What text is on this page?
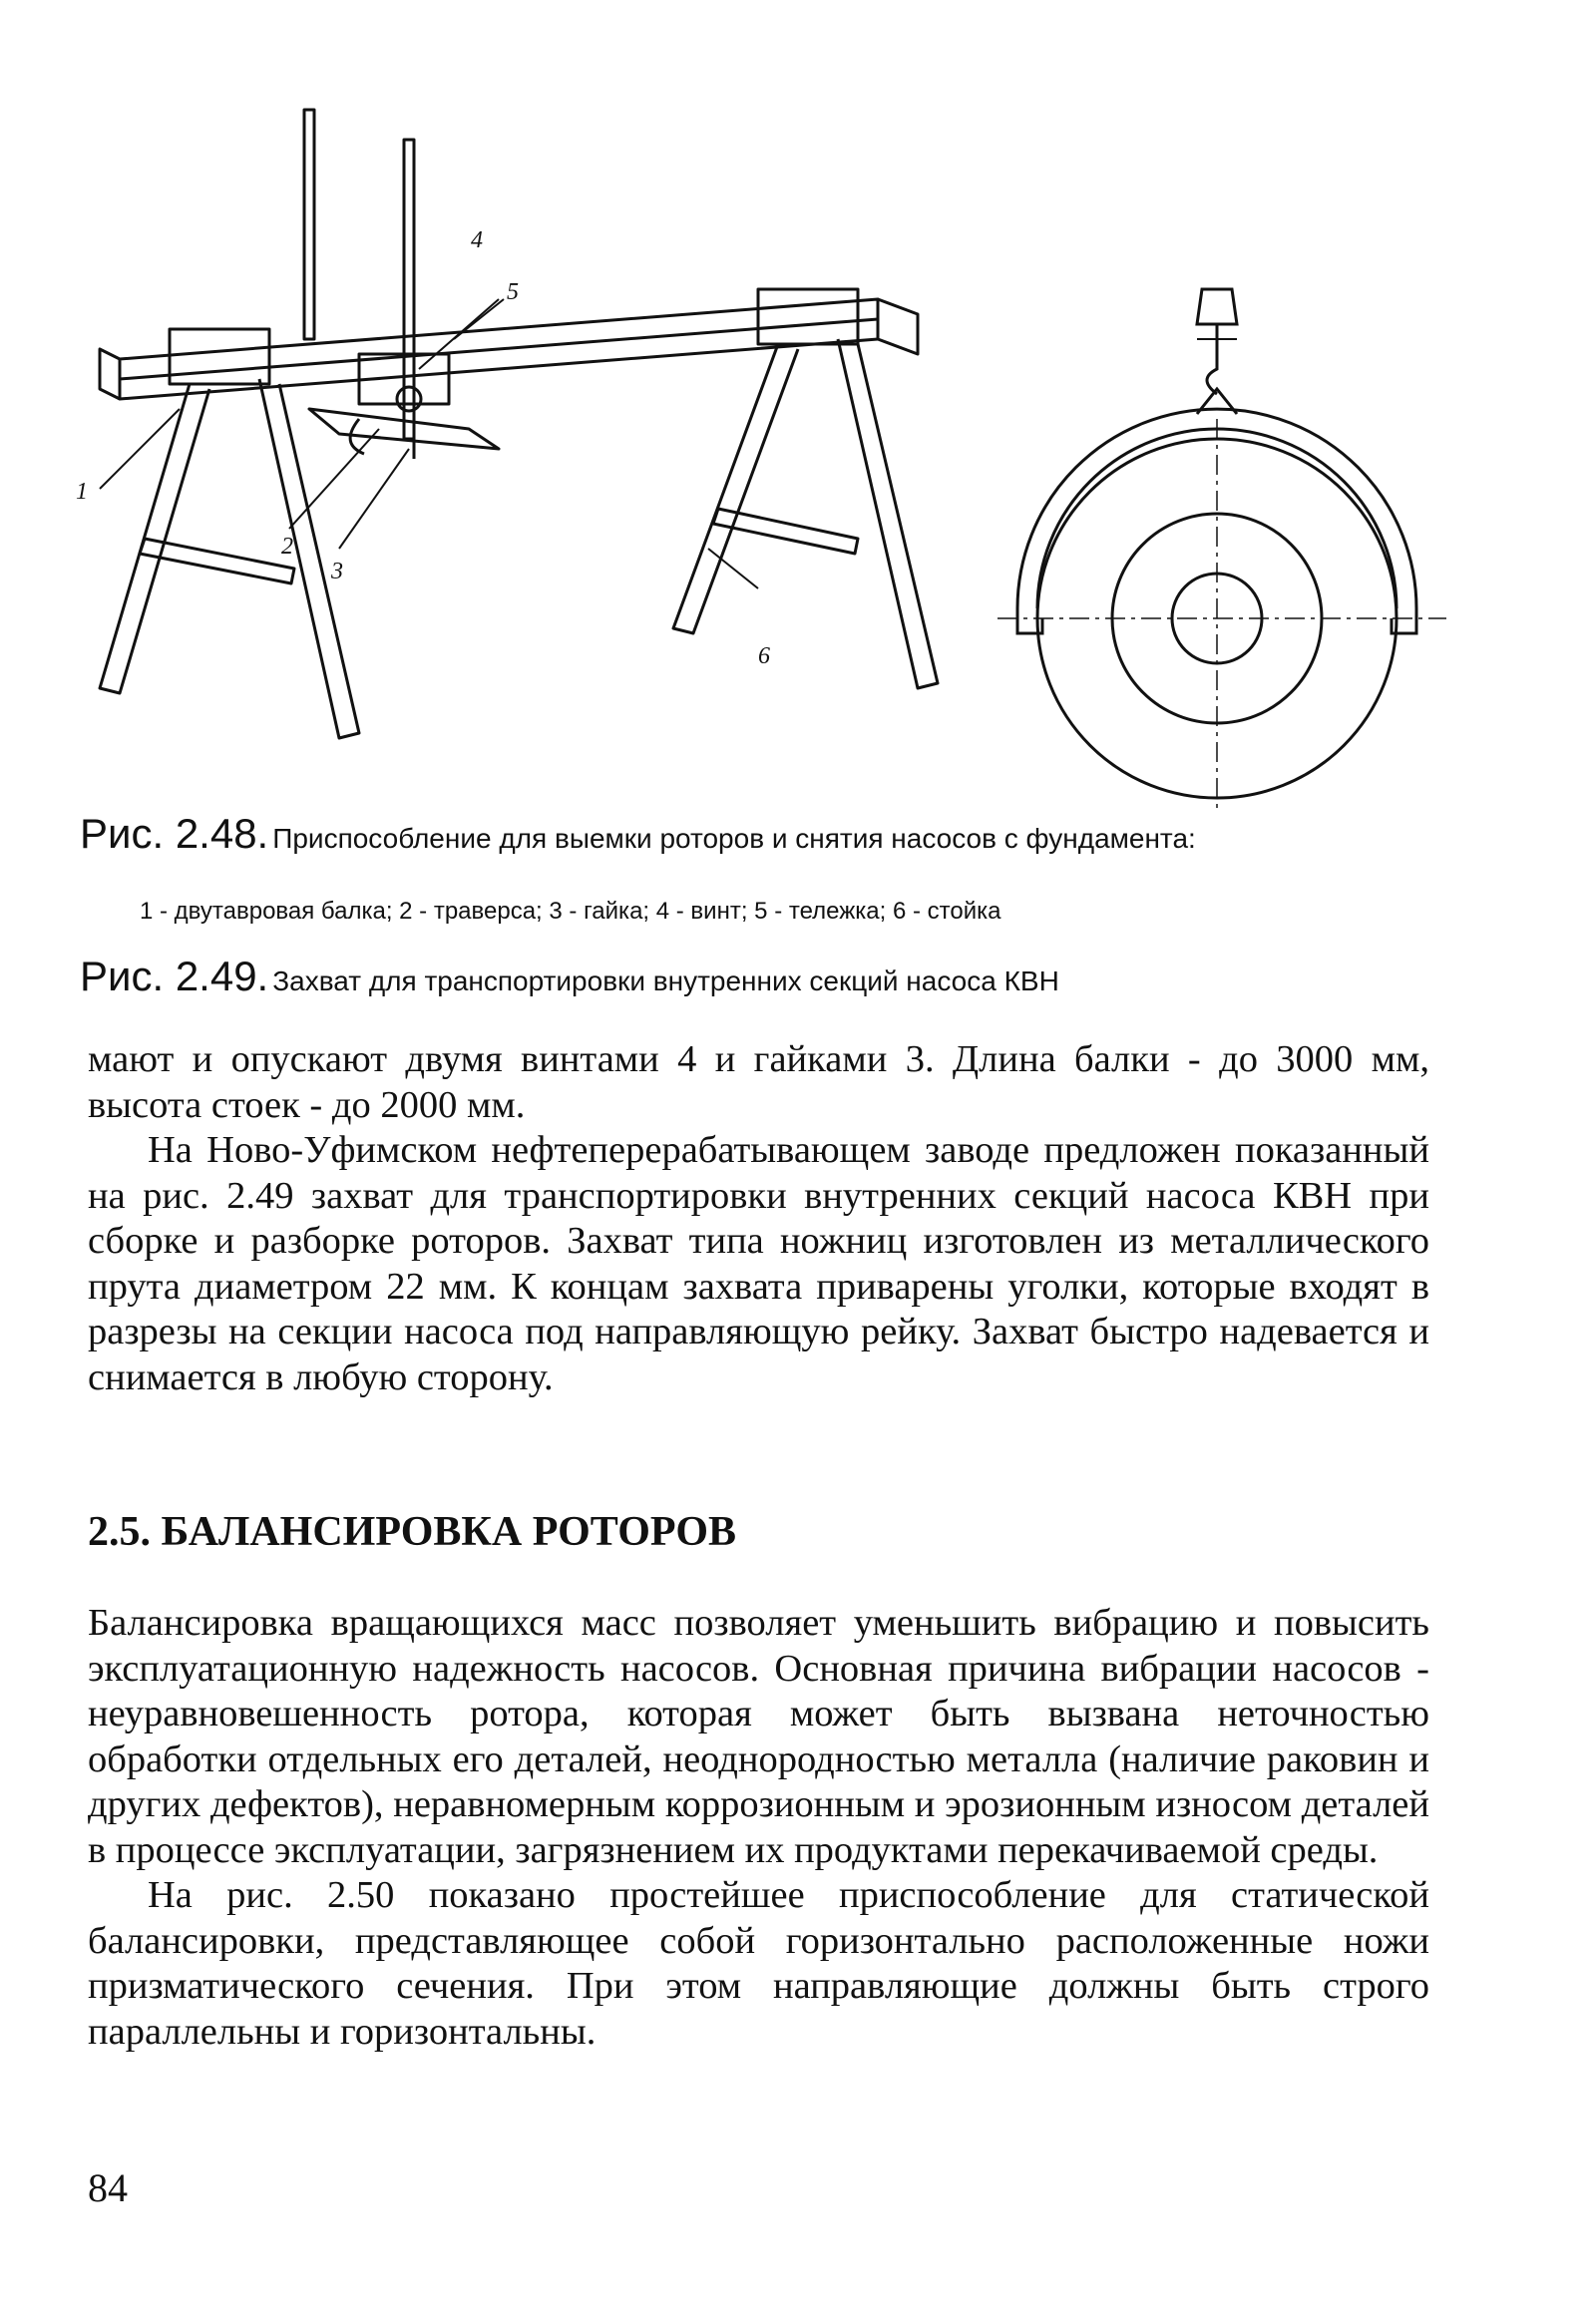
1
2
3
4
5
6
Рис. 2.48. Приспособление для выемки роторов и снятия насосов с фундамента:
1 - двутавровая балка; 2 - траверса; 3 - гайка; 4 - винт; 5 - тележка; 6 - стойка
Рис. 2.49. Захват для транспортировки внутренних секций насоса КВН

мают и опускают двумя винтами 4 и гайками 3. Длина балки - до 3000 мм, высота стоек - до 2000 мм.

На Ново-Уфимском нефтеперерабатывающем заводе предложен показанный на рис. 2.49 захват для транспортировки внутренних секций насоса КВН при сборке и разборке роторов. Захват типа ножниц изготовлен из металлического прута диаметром 22 мм. К концам захвата приварены уголки, которые входят в разрезы на секции насоса под направляющую рейку. Захват быстро надевается и снимается в любую сторону.

2.5. БАЛАНСИРОВКА РОТОРОВ

Балансировка вращающихся масс позволяет уменьшить вибрацию и повысить эксплуатационную надежность насосов. Основная причина вибрации насосов - неуравновешенность ротора, которая может быть вызвана неточностью обработки отдельных его деталей, неоднородностью металла (наличие раковин и других дефектов), неравномерным коррозионным и эрозионным износом деталей в процессе эксплуатации, загрязнением их продуктами перекачиваемой среды.

На рис. 2.50 показано простейшее приспособление для статической балансировки, представляющее собой горизонтально расположенные ножи призматического сечения. При этом направляющие должны быть строго параллельны и горизонтальны.

84
